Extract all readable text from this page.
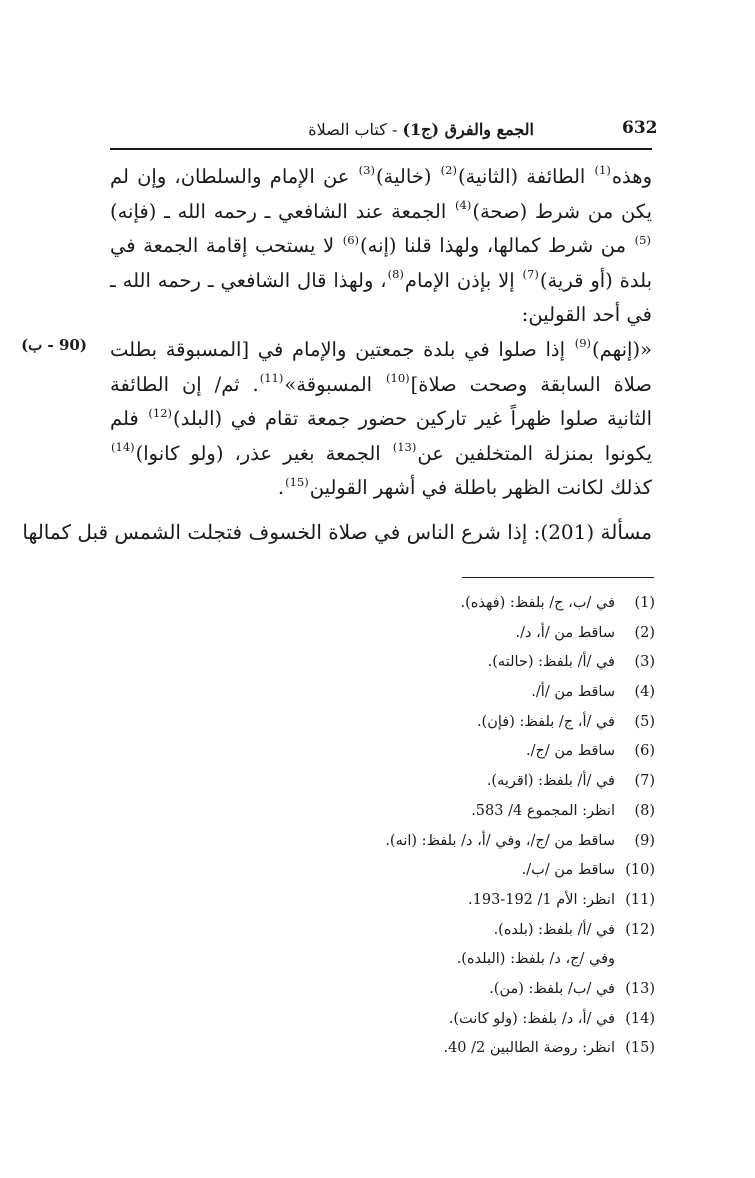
632
الجمع والفرق (ج1) - كتاب الصلاة
(90 - ب)

وهذه$^{(1)}$ الطائفة (الثانية)$^{(2)}$ (خالية)$^{(3)}$ عن الإمام والسلطان، وإن لم يكن من شرط (صحة)$^{(4)}$ الجمعة عند الشافعي ـ رحمه الله ـ (فإنه)$^{(5)}$ من شرط كمالها، ولهذا قلنا (إنه)$^{(6)}$ لا يستحب إقامة الجمعة في بلدة (أو قرية)$^{(7)}$ إلا بإذن الإمام$^{(8)}$، ولهذا قال الشافعي ـ رحمه الله ـ في أحد القولين:

«(إنهم)$^{(9)}$ إذا صلوا في بلدة جمعتين والإمام في [المسبوقة بطلت صلاة السابقة وصحت صلاة]$^{(10)}$ المسبوقة»$^{(11)}$. ثم/ إن الطائفة الثانية صلوا ظهراً غير تاركين حضور جمعة تقام في (البلد)$^{(12)}$ فلم يكونوا بمنزلة المتخلفين عن$^{(13)}$ الجمعة بغير عذر، (ولو كانوا)$^{(14)}$ كذلك لكانت الظهر باطلة في أشهر القولين$^{(15)}$.

مسألة (201): إذا شرع الناس في صلاة الخسوف فتجلت الشمس قبل كمالها
(1)في /ب، ج/ بلفظ: (فهذه).
(2)ساقط من /أ، د/.
(3)في /أ/ بلفظ: (حالته).
(4)ساقط من /أ/.
(5)في /أ، ج/ بلفظ: (فإن).
(6)ساقط من /ج/.
(7)في /أ/ بلفظ: (اقريه).
(8)انظر: المجموع 4/ 583.
(9)ساقط من /ج/، وفي /أ، د/ بلفظ: (انه).
(10)ساقط من /ب/.
(11)انظر: الأم 1/ 192-193.
(12)في /أ/ بلفظ: (بلده).
وفي /ج، د/ بلفظ: (البلده).
(13)في /ب/ بلفظ: (من).
(14)في /أ، د/ بلفظ: (ولو كانت).
(15)انظر: روضة الطالبين 2/ 40.
